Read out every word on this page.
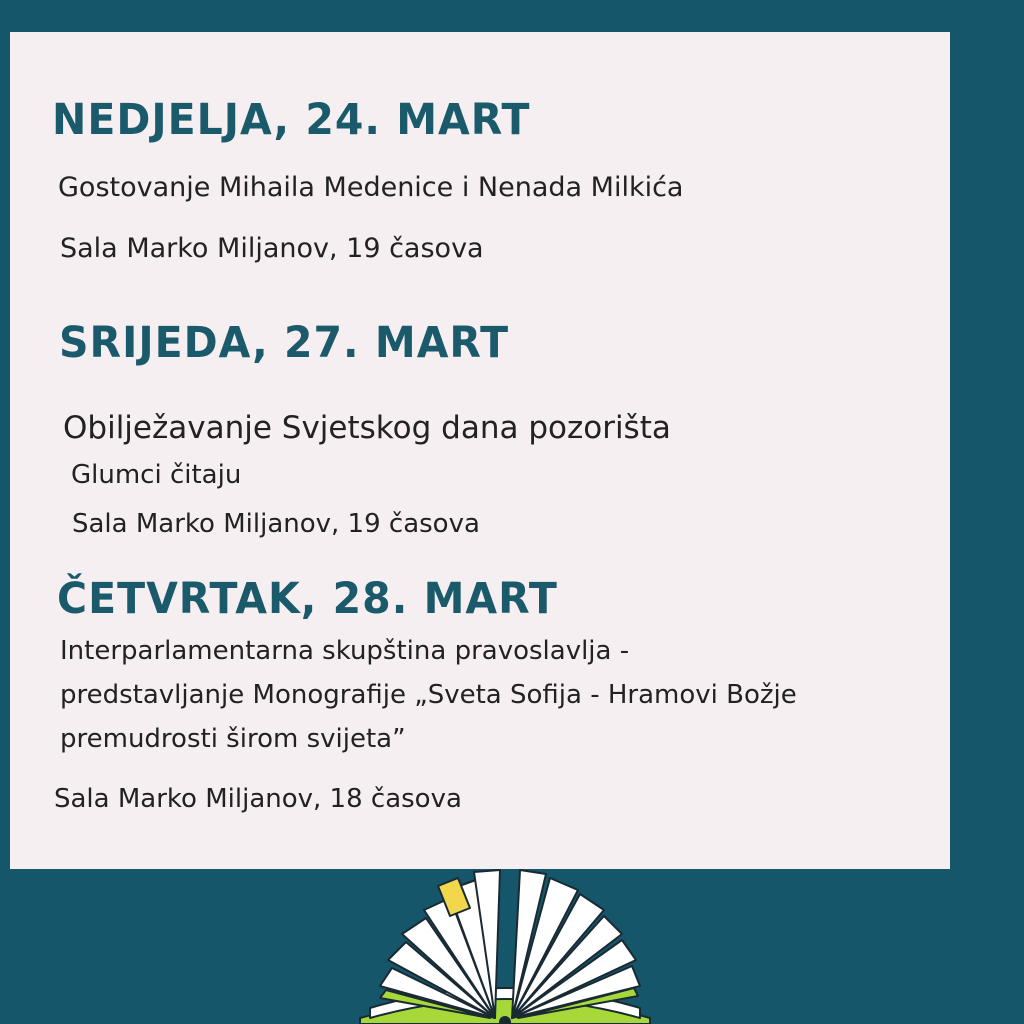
NEDJELJA, 24. MART

Gostovanje Mihaila Medenice i Nenada Milkića

Sala Marko Miljanov, 19 časova

SRIJEDA, 27. MART

Obilježavanje Svjetskog dana pozorišta

Glumci čitaju

Sala Marko Miljanov, 19 časova

ČETVRTAK, 28. MART

Interparlamentarna skupština pravoslavlja -

predstavljanje Monografije „Sveta Sofija - Hramovi Božje

premudrosti širom svijeta”

Sala Marko Miljanov, 18 časova
